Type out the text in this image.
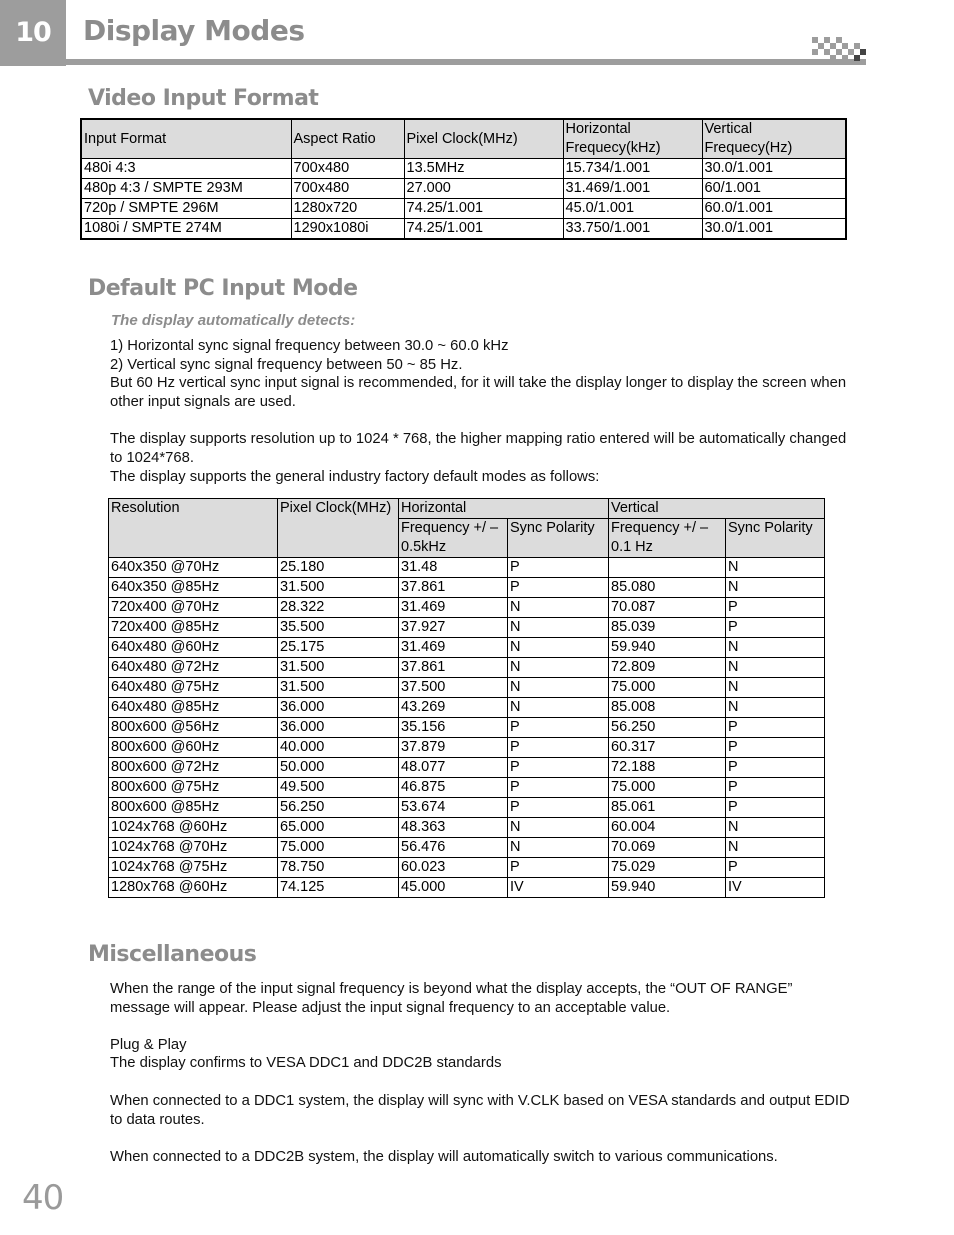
10	Display Modes
Video Input Format
Input Format	Aspect Ratio	Pixel Clock(MHz)	Horizontal Frequecy(kHz)	Vertical Frequecy(Hz)
480i 4:3	700x480	13.5MHz	15.734/1.001	30.0/1.001
480p 4:3 / SMPTE 293M	700x480	27.000	31.469/1.001	60/1.001
720p / SMPTE 296M	1280x720	74.25/1.001	45.0/1.001	60.0/1.001
1080i / SMPTE 274M	1290x1080i	74.25/1.001	33.750/1.001	30.0/1.001
Default PC Input Mode

The display automatically detects:

1) Horizontal sync signal frequency between 30.0 ~ 60.0 kHz

2) Vertical sync signal frequency between 50 ~ 85 Hz.

But 60 Hz vertical sync input signal is recommended, for it will take the display longer to display the screen when other input signals are used.

The display supports resolution up to 1024 * 768, the higher mapping ratio entered will be automatically changed to 1024*768.

The display supports the general industry factory default modes as follows:

Resolution	Pixel Clock(MHz)	Horizontal		Vertical	
		Frequency +/ – 0.5kHz	Sync Polarity	Frequency +/ – 0.1 Hz	Sync Polarity
640x350 @70Hz	25.180	31.48	P		N
640x350 @85Hz	31.500	37.861	P	85.080	N
720x400 @70Hz	28.322	31.469	N	70.087	P
720x400 @85Hz	35.500	37.927	N	85.039	P
640x480 @60Hz	25.175	31.469	N	59.940	N
640x480 @72Hz	31.500	37.861	N	72.809	N
640x480 @75Hz	31.500	37.500	N	75.000	N
640x480 @85Hz	36.000	43.269	N	85.008	N
800x600 @56Hz	36.000	35.156	P	56.250	P
800x600 @60Hz	40.000	37.879	P	60.317	P
800x600 @72Hz	50.000	48.077	P	72.188	P
800x600 @75Hz	49.500	46.875	P	75.000	P
800x600 @85Hz	56.250	53.674	P	85.061	P
1024x768 @60Hz	65.000	48.363	N	60.004	N
1024x768 @70Hz	75.000	56.476	N	70.069	N
1024x768 @75Hz	78.750	60.023	P	75.029	P
1280x768 @60Hz	74.125	45.000	IV	59.940	IV
Miscellaneous

When the range of the input signal frequency is beyond what the display accepts, the “OUT OF RANGE” message will appear. Please adjust the input signal frequency to an acceptable value.

Plug & Play

The display confirms to VESA DDC1 and DDC2B standards

When connected to a DDC1 system, the display will sync with V.CLK based on VESA standards and output EDID to data routes.

When connected to a DDC2B system, the display will automatically switch to various communications.

40
